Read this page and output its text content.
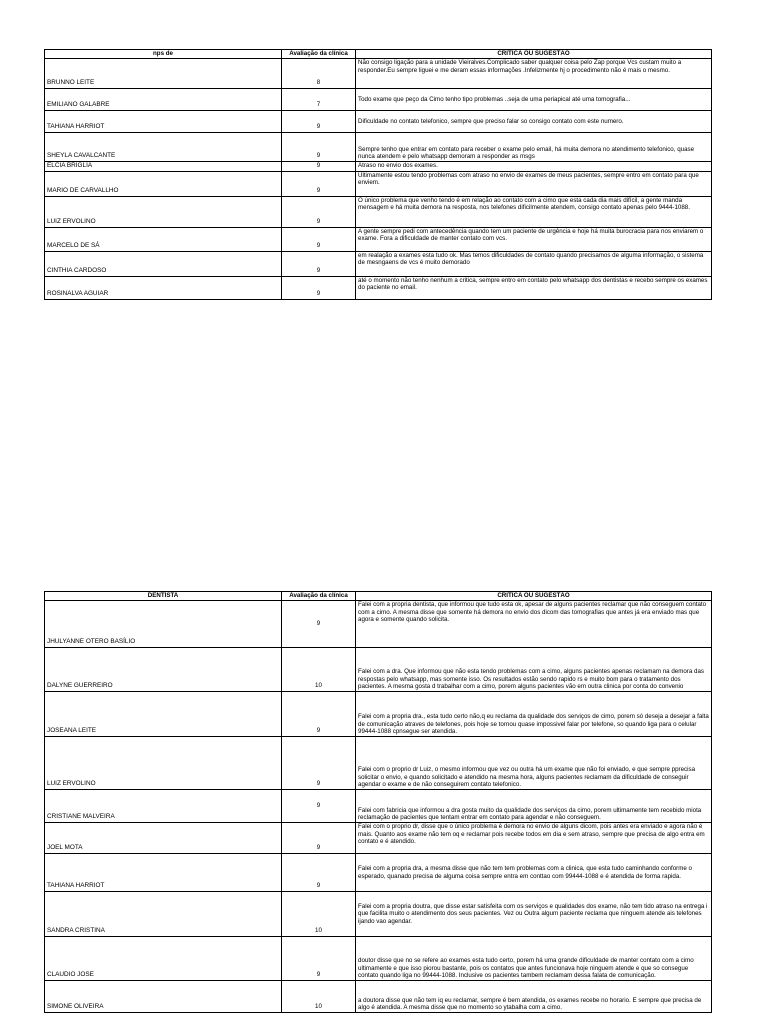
nps de	Avaliação da clínica	CRITICA OU SUGESTÃO
BRUNNO LEITE	8	Não consigo ligação para a unidade Vieiralves.Complicado saber qualquer coisa pelo Zap porque Vcs custam muito a responder.Eu sempre liguei e me deram essas informações .Infelizmente hj o procedimento não é mais o mesmo.
EMILIANO GALABRE	7	Todo exame que peço da Cimo tenho tipo problemas ..seja de uma periapical até uma tomografia...
TAHIANA HARRIOT	9	Dificuldade no contato telefonico, sempre que preciso falar so consigo contato com este numero.
SHEYLA CAVALCANTE	9	Sempre tenho que entrar em contato para receber o exame pelo email, há muita demora no atendimento telefonico, quase nunca atendem e pelo whatsapp demoram a responder as msgs
ELCIA BRIGLIA	9	Atraso no envio dos exames.
MARIO DE CARVALLHO	9	Ultimamente estou tendo problemas com atraso no envio de exames de meus pacientes, sempre entro em contato para que enviem.
LUIZ ERVOLINO	9	O único problema que venho tendo é em relação ao contato com a cimo que esta cada dia mais difícil, a gente manda mensagem e há muita demora na resposta, nos telefones dificilmente atendem, consigo contato apenas pelo 9444-1088.
MARCELO DE SÁ	9	A gente sempre pedi com antecedência quando tem um paciente de urgência e hoje há muita burocracia para nos enviarem o exame. Fora a dificuldade de manter contato com vcs.
CINTHIA CARDOSO	9	em realação a exames esta tudo ok. Mas temos dificuldades de contato quando precisamos de alguma informação, o sistema de mesngaens de vcs é muito demorado
ROSINALVA AGUIAR	9	até o momento não tenho nenhum a critica, sempre entro em contato pelo whatsapp dos dentistas e recebo sempre os exames do paciente no email.
DENTISTA	Avaliação da clínica	CRITICA OU SUGESTÃO
JHULYANNE OTERO BASÍLIO	9	Falei com a propria dentista, que informou que tudo esta ok, apesar de alguns pacientes reclamar que não conseguem contato com a cimo. A mesma disse que somente há demora no envio dos dicom das tomografias que antes já era enviado mas que agora e somente quando solicita.
DALYNE GUERREIRO	10	Falei com a dra. Que informou que não esta tendo problemas com a cimo, alguns pacientes apenas reclamam na demora das respostas pelo whatsapp, mas somente isso. Os resultados estão sendo rapido rs e muito bom para o tratamento dos pacientes. A mesma gosta d trabalhar com a cimo, porem alguns pacientes vão em outra clinica por conta do convenio
JOSEANA LEITE	9	Falei com a propria dra., esta tudo certo não,q eu reclama da qualidade dos serviços de cimo, porem só deseja a desejar a falta de comunicação atraves de telefones, pois hoje se tornou quase impossivel falar por telefone, so quando liga para o celular 99444-1088 cpnsegue ser atendida.
LUIZ ERVOLINO	9	Falei com o proprio dr Luiz, o mesmo informou que vez ou outra há um exame que não foi enviado, e que sempre pprecisa solicitar o envio, e quando solicitado e atendido na mesma hora, alguns pacientes reclamam da dificuldade de conseguir agendar o exame e de não conseguirem contato telefonico.
CRISTIANE MALVEIRA	9	Falei com fabricia que informou a dra gosta muito da qualidade dos serviços da cimo, porem ultimamente tem recebido miota reclamação de pacientes que tentam entrar em contato para agendar e não conseguem.
JOEL MOTA	9	Falei com o proprio dr, disse que o único problema é demora no envio de alguns dicom, pois antes era enviado e agora não é mais. Quanto aos exame não tem oq e reclamar pois recebe todos em dia e sem atraso, sempre que precisa de algo entra em contato e é atendido.
TAHIANA HARRIOT	9	Falei com a propria dra, a mesma disse que não tem tem problemas com a clinica, que esta tudo caminhando conforme o esperado, quanado precisa de alguma coisa sempre entra em conttao com 99444-1088 e é atendida de forma rapida.
SANDRA CRISTINA	10	Falei com a propria doutra, que disse estar satisfeita com os serviços e qualidades dos exame, não tem tido atraso na entrega i que facilita muito o atendimento dos seus pacientes. Vez ou Outra algum paciente reclama que ninguem atende ais telefones ijando vao agendar.
CLAUDIO JOSE	9	doutor disse que no se refere ao exames esta tudo certo, porem há uma grande dificuldade de manter contato com a cimo ultimamente e que isso piorou bastante, pois os contatos que antes funcionava hoje ninguem atende e que so consegue contato quando liga no 99444-1088. Inclusive os pacientes tambem reclamam dessa falata de comunicação.
SIMONE OLIVEIRA	10	a doutora disse que não tem iq eu reclamar, sempre é bem atendida, os exames recebe no horario. E sempre que precisa de algo é atendida. A mesma disse que no momento so ytabalha com a cimo.
